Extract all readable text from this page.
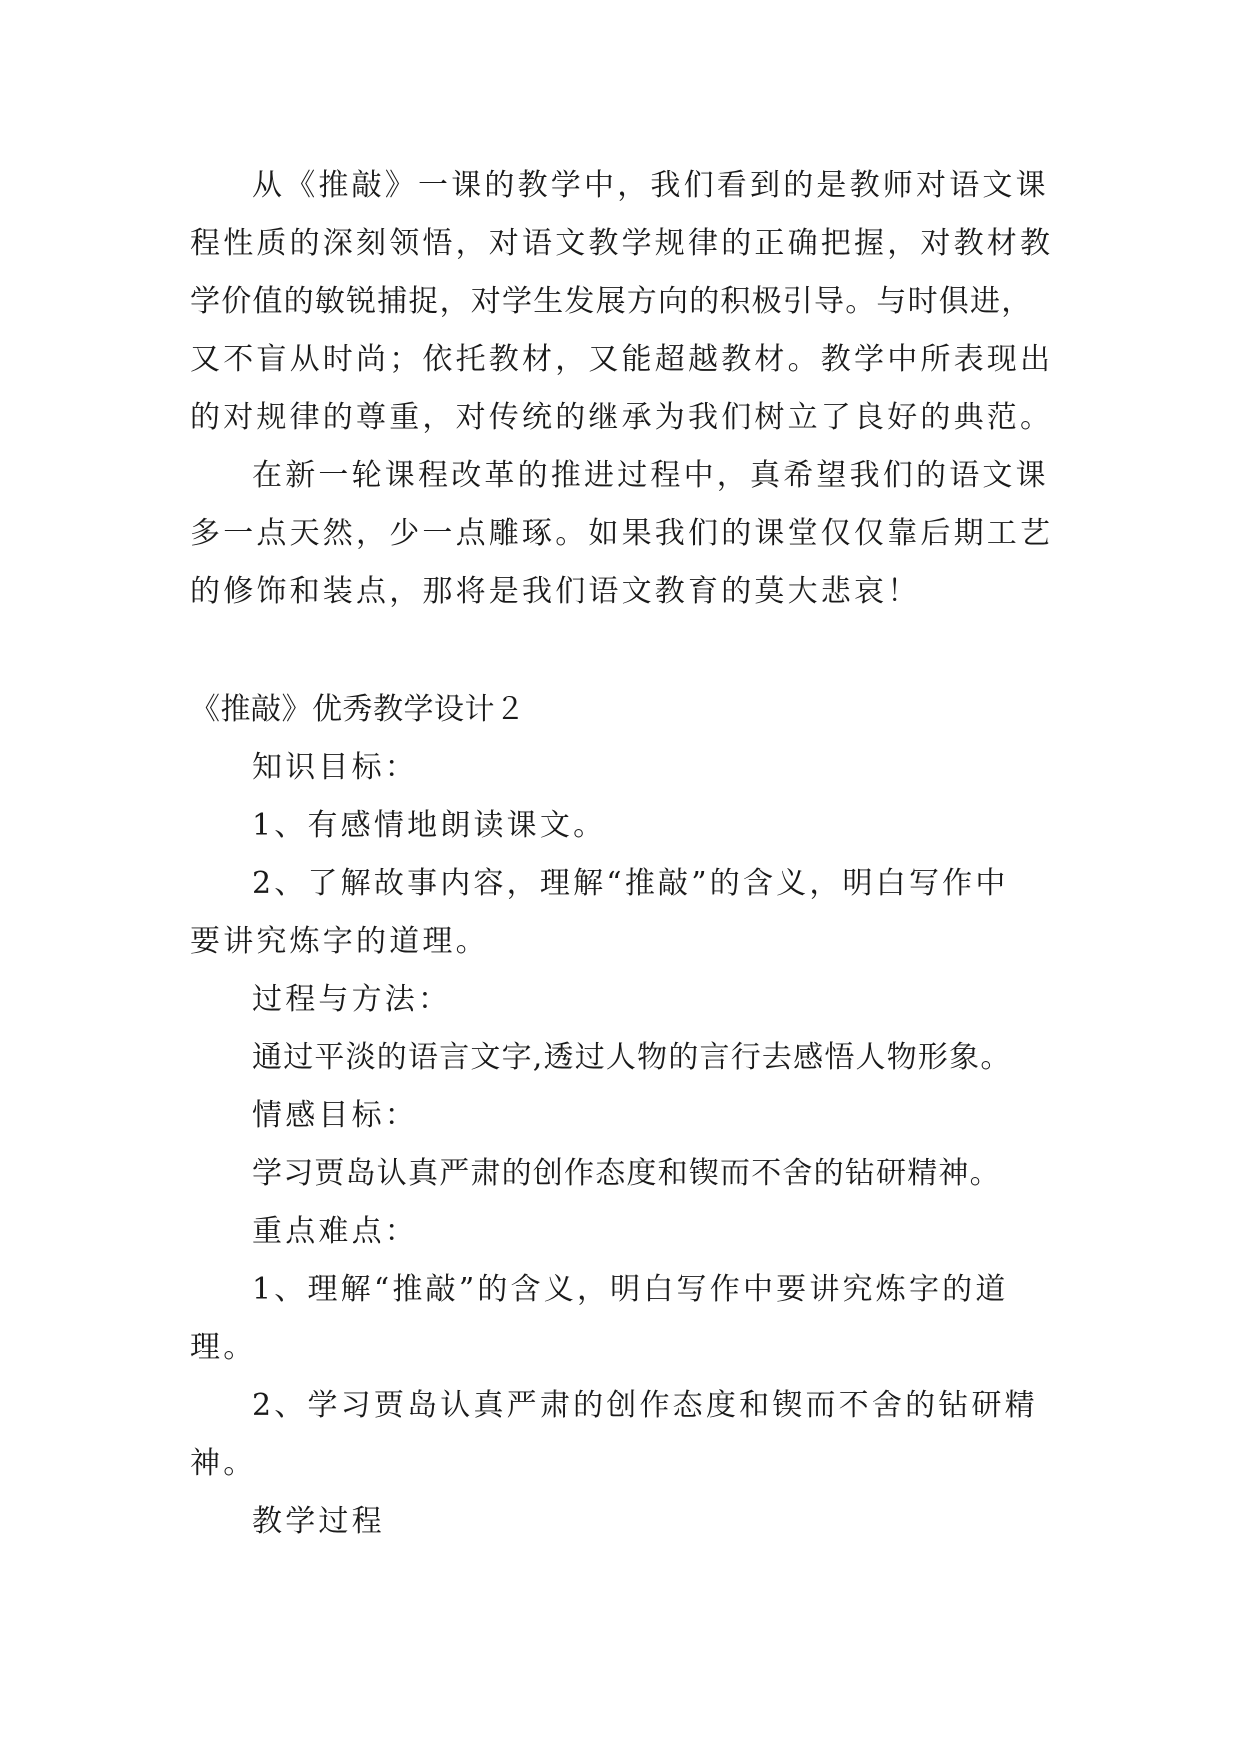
从《推敲》一课的教学中，我们看到的是教师对语文课
程性质的深刻领悟，对语文教学规律的正确把握，对教材教
学价值的敏锐捕捉，对学生发展方向的积极引导。与时俱进，
又不盲从时尚；依托教材，又能超越教材。教学中所表现出
的对规律的尊重，对传统的继承为我们树立了良好的典范。
在新一轮课程改革的推进过程中，真希望我们的语文课
多一点天然，少一点雕琢。如果我们的课堂仅仅靠后期工艺
的修饰和装点，那将是我们语文教育的莫大悲哀！
《推敲》优秀教学设计２
知识目标：
1、有感情地朗读课文。
2、了解故事内容，理解“推敲”的含义，明白写作中
要讲究炼字的道理。
过程与方法：
通过平淡的语言文字,透过人物的言行去感悟人物形象。
情感目标：
学习贾岛认真严肃的创作态度和锲而不舍的钻研精神。
重点难点：
1、理解“推敲”的含义，明白写作中要讲究炼字的道
理。
2、学习贾岛认真严肃的创作态度和锲而不舍的钻研精
神。
教学过程
